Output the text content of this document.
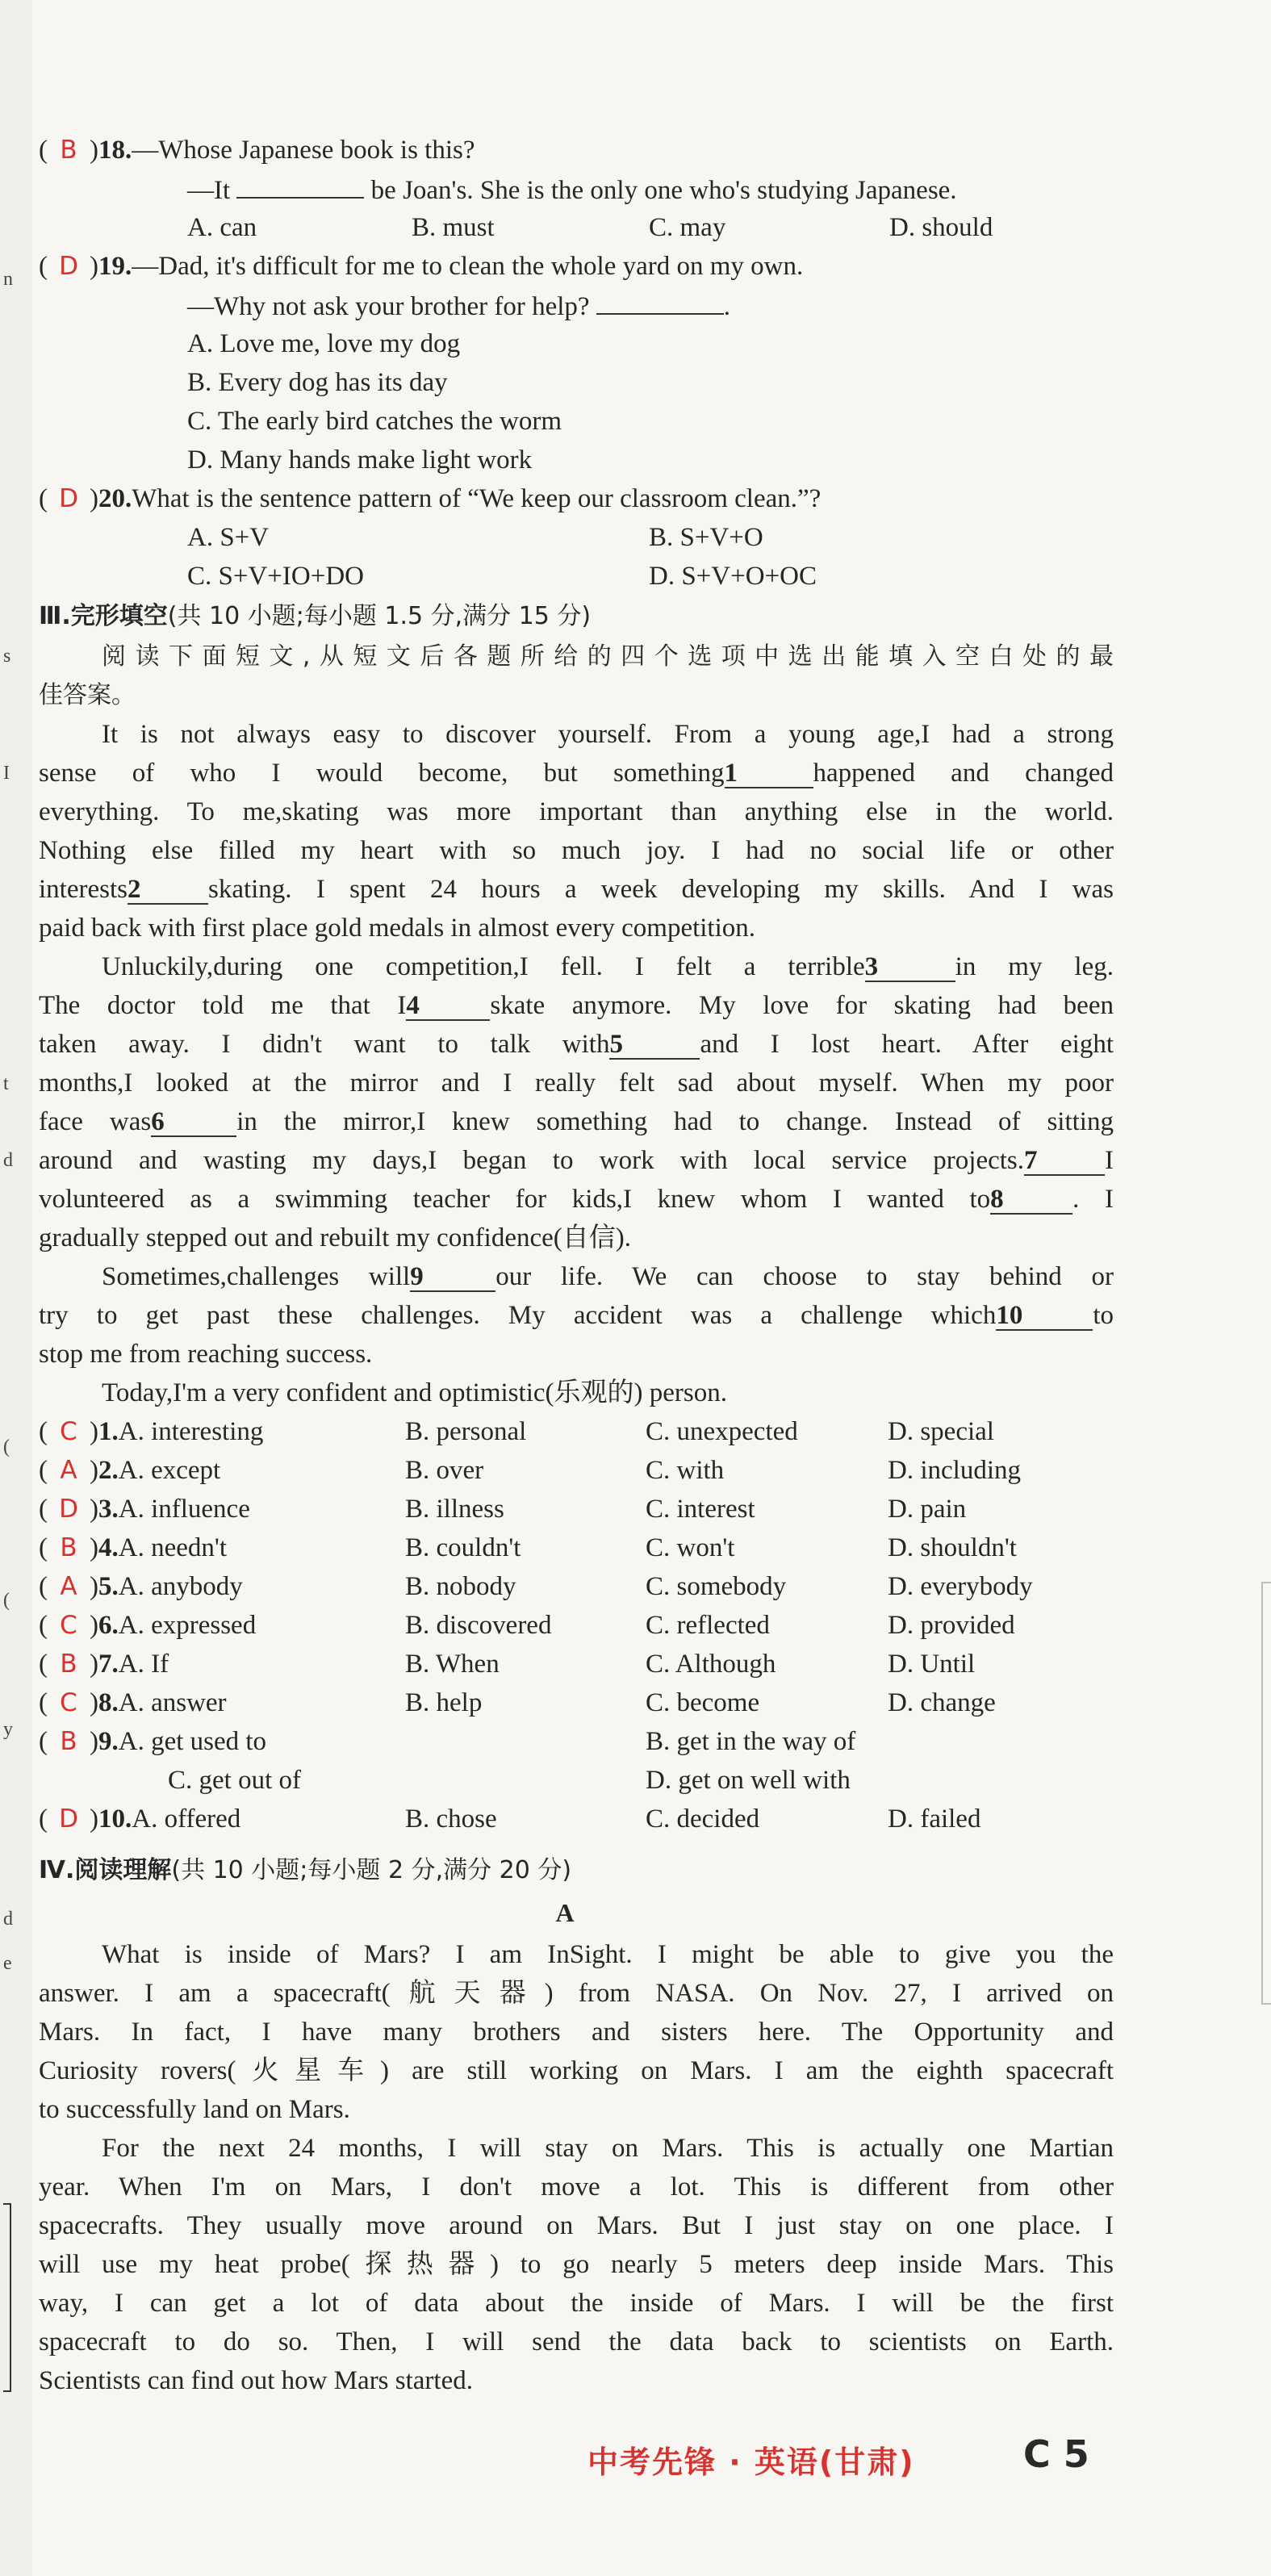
n
s
I
t
d
(
(
y
d
e
( B )18.—Whose Japanese book is this?
—It	be Joan's. She is the only one who's studying Japanese.
A. can	B. must	C. may	D. should
( D )19.—Dad, it's difficult for me to clean the whole yard on my own.
—Why not ask your brother for help?	.
A. Love me, love my dog
B. Every dog has its day
C. The early bird catches the worm
D. Many hands make light work
( D )20.What is the sentence pattern of “We keep our classroom clean.”?
A. S+V	B. S+V+O
C. S+V+IO+DO	D. S+V+O+OC
Ⅲ.完形填空(共 10 小题;每小题 1.5 分,满分 15 分)
阅读下面短文,从短文后各题所给的四个选项中选出能填入空白处的最
佳答案。
It is not always easy to discover yourself. From a young age,I had a strong
sense of who I would become, but something1	happened and changed
everything. To me,skating was more important than anything else in the world.
Nothing else filled my heart with so much joy. I had no social life or other
interests2	skating. I spent 24 hours a week developing my skills. And I was
paid back with first place gold medals in almost every competition.
Unluckily,during one competition,I fell. I felt a terrible3	in my leg.
The doctor told me that I4	skate anymore. My love for skating had been
taken away. I didn't want to talk with5	and I lost heart. After eight
months,I looked at the mirror and I really felt sad about myself. When my poor
face was6	in the mirror,I knew something had to change. Instead of sitting
around and wasting my days,I began to work with local service projects.7	I
volunteered as a swimming teacher for kids,I knew whom I wanted to8	. I
gradually stepped out and rebuilt my confidence(自信).
Sometimes,challenges will9	our life. We can choose to stay behind or
try to get past these challenges. My accident was a challenge which10	to
stop me from reaching success.
Today,I'm a very confident and optimistic(乐观的) person.
( C )1.A. interesting	B. personal	C. unexpected	D. special
( A )2.A. except	B. over	C. with	D. including
( D )3.A. influence	B. illness	C. interest	D. pain
( B )4.A. needn't	B. couldn't	C. won't	D. shouldn't
( A )5.A. anybody	B. nobody	C. somebody	D. everybody
( C )6.A. expressed	B. discovered	C. reflected	D. provided
( B )7.A. If	B. When	C. Although	D. Until
( C )8.A. answer	B. help	C. become	D. change
( B )9.A. get used to	B. get in the way of
C. get out of	D. get on well with
( D )10.A. offered	B. chose	C. decided	D. failed
Ⅳ.阅读理解(共 10 小题;每小题 2 分,满分 20 分)
A
What is inside of Mars? I am InSight. I might be able to give you the
answer. I am a spacecraft(航天器) from NASA. On Nov. 27, I arrived on
Mars. In fact, I have many brothers and sisters here. The Opportunity and
Curiosity rovers(火星车) are still working on Mars. I am the eighth spacecraft
to successfully land on Mars.
For the next 24 months, I will stay on Mars. This is actually one Martian
year. When I'm on Mars, I don't move a lot. This is different from other
spacecrafts. They usually move around on Mars. But I just stay on one place. I
will use my heat probe(探热器) to go nearly 5 meters deep inside Mars. This
way, I can get a lot of data about the inside of Mars. I will be the first
spacecraft to do so. Then, I will send the data back to scientists on Earth.
Scientists can find out how Mars started.
中考先锋 · 英语(甘肃)	C 5
